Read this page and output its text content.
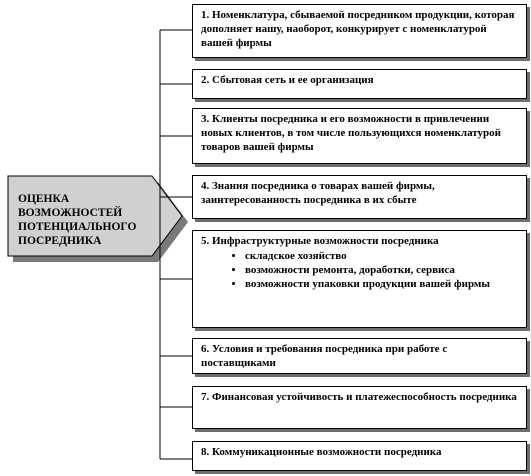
ОЦЕНКА ВОЗМОЖНОСТЕЙ ПОТЕНЦИАЛЬНОГО ПОСРЕДНИКА
1. Номенклатура, сбываемой посредником продукции, которая дополняет нашу, наоборот, конкурирует с номенклатурой вашей фирмы
2. Сбытовая сеть и ее организация
3. Клиенты посредника и его возможности в привлечении новых клиентов, в том числе пользующихся номенклатурой товаров вашей фирмы
4. Знания посредника о товарах вашей фирмы, заинтересованность посредника в их сбыте
5. Инфраструктурные возможности посредника
• складское хозяйство
• возможности ремонта, доработки, сервиса
• возможности упаковки продукции вашей фирмы
6. Условия и требования посредника при работе с поставщиками
7. Финансовая устойчивость и платежеспособность посредника
8. Коммуникационные возможности посредника
